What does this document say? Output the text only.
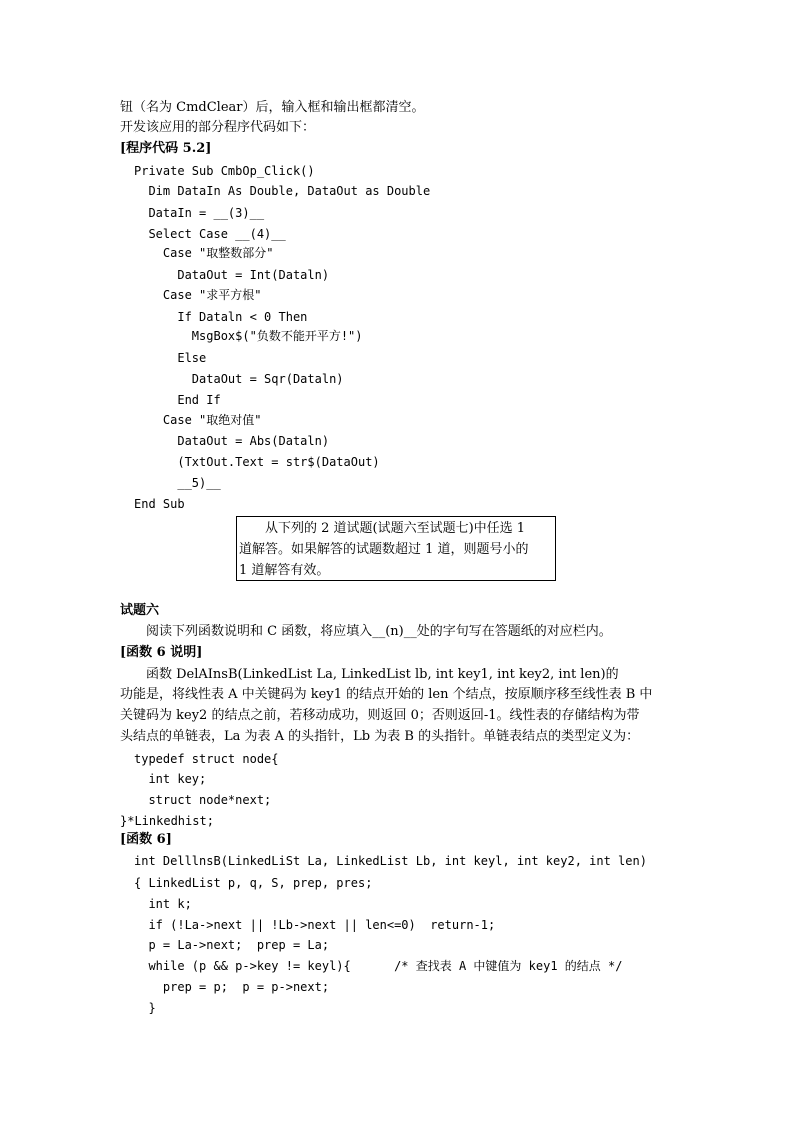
钮（名为 CmdClear）后，输入框和输出框都清空。
开发该应用的部分程序代码如下：
[程序代码 5.2]
Private Sub CmbOp_Click()
Dim DataIn As Double, DataOut as Double
DataIn = __(3)__
Select Case __(4)__
Case "取整数部分"
DataOut = Int(Dataln)
Case "求平方根"
If Dataln < 0 Then
MsgBox$("负数不能开平方!")
Else
DataOut = Sqr(Dataln)
End If
Case "取绝对值"
DataOut = Abs(Dataln)
(TxtOut.Text = str$(DataOut)
__5)__
End Sub
从下列的 2 道试题(试题六至试题七)中任选 1
道解答。如果解答的试题数超过 1 道，则题号小的
1 道解答有效。
试题六
阅读下列函数说明和 C 函数，将应填入__(n)__处的字句写在答题纸的对应栏内。
[函数 6 说明]
函数 DelAInsB(LinkedList La, LinkedList lb, int key1, int key2, int len)的
功能是，将线性表 A 中关键码为 key1 的结点开始的 len 个结点，按原顺序移至线性表 B 中
关键码为 key2 的结点之前，若移动成功，则返回 0；否则返回-1。线性表的存储结构为带
头结点的单链表，La 为表 A 的头指针，Lb 为表 B 的头指针。单链表结点的类型定义为：
typedef struct node{
int key;
struct node*next;
}*Linkedhist;
[函数 6]
int DelllnsB(LinkedLiSt La, LinkedList Lb, int keyl, int key2, int len)
{ LinkedList p, q, S, prep, pres;
int k;
if (!La->next || !Lb->next || len<=0)  return-1;
p = La->next;  prep = La;
while (p && p->key != keyl){      /* 查找表 A 中键值为 key1 的结点 */
prep = p;  p = p->next;
}
